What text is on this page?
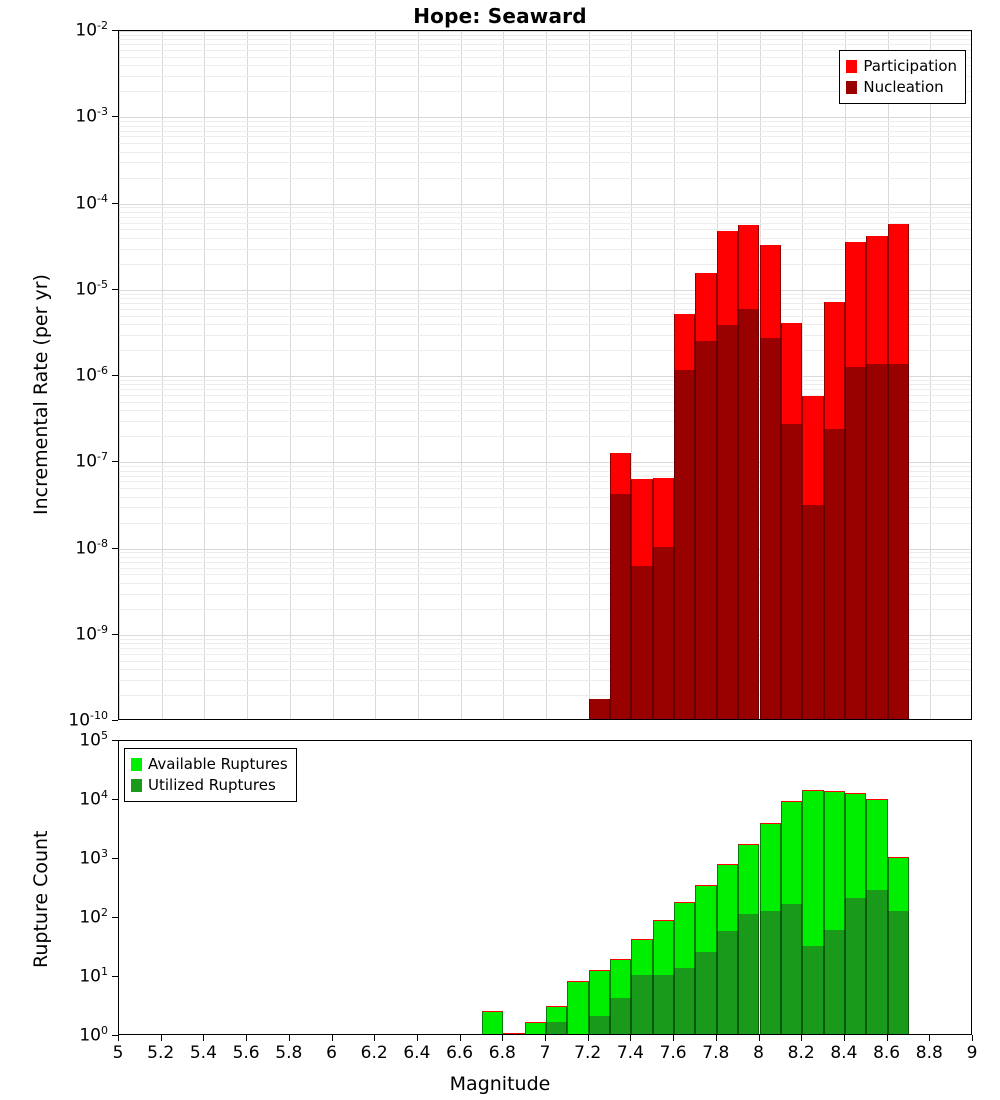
Hope: Seaward
$10^{-2}$
$10^{-3}$
$10^{-4}$
$10^{-5}$
$10^{-6}$
$10^{-7}$
$10^{-8}$
$10^{-9}$
$10^{-10}$
Incremental Rate (per yr)
Participation
Nucleation
$10^5$
$10^4$
$10^3$
$10^2$
$10^1$
$10^0$
Rupture Count
Available Ruptures
Utilized Ruptures
5	5.2 5.4 5.6 5.8	6	6.2 6.4 6.6 6.8	7	7.2 7.4 7.6 7.8	8	8.2 8.4 8.6 8.8	9
Magnitude
